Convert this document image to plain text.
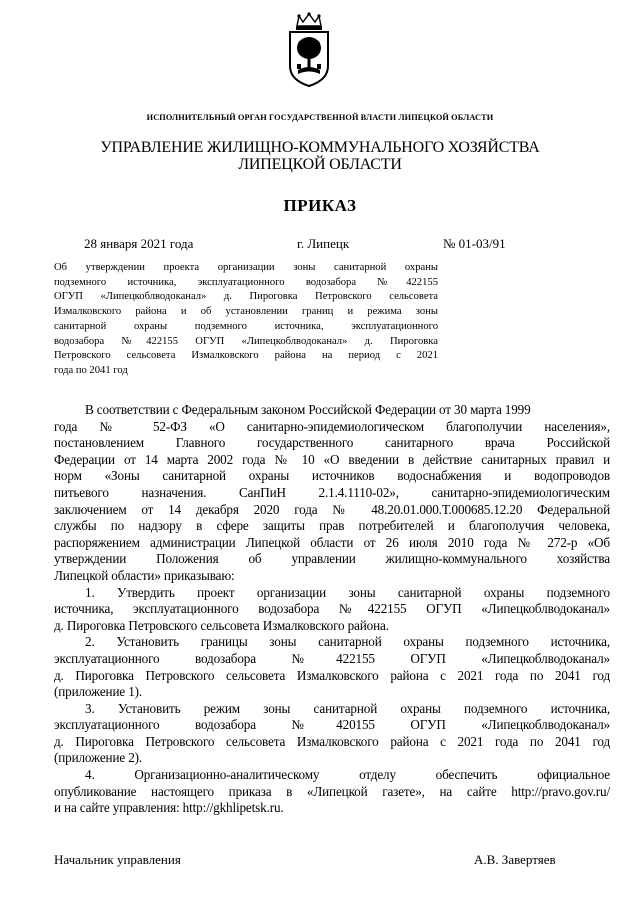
ИСПОЛНИТЕЛЬНЫЙ ОРГАН ГОСУДАРСТВЕННОЙ ВЛАСТИ ЛИПЕЦКОЙ ОБЛАСТИ
УПРАВЛЕНИЕ ЖИЛИЩНО-КОММУНАЛЬНОГО ХОЗЯЙСТВА
ЛИПЕЦКОЙ ОБЛАСТИ
ПРИКАЗ
28 января 2021 года	г. Липецк	№ 01-03/91
Об утверждении проекта организации зоны санитарной охраны
подземного источника, эксплуатационного водозабора №422155
ОГУП «Липецкоблводоканал» д. Пироговка Петровского сельсовета
Измалковского района и об установлении границ и режима зоны
санитарной охраны подземного источника, эксплуатационного
водозабора №422155 ОГУП «Липецкоблводоканал» д. Пироговка
Петровского сельсовета Измалковского района на период с 2021
года по 2041 год
В соответствии с Федеральным законом Российской Федерации от 30 марта 1999
года № 52-ФЗ «О санитарно-эпидемиологическом благополучии населения»,
постановлением Главного государственного санитарного врача Российской
Федерации от 14 марта 2002 года № 10 «О введении в действие санитарных правил и
норм «Зоны санитарной охраны источников водоснабжения и водопроводов
питьевого назначения. СанПиН 2.1.4.1110-02», санитарно-эпидемиологическим
заключением от 14 декабря 2020 года № 48.20.01.000.Т.000685.12.20 Федеральной
службы по надзору в сфере защиты прав потребителей и благополучия человека,
распоряжением администрации Липецкой области от 26 июля 2010 года № 272-р «Об
утверждении Положения об управлении жилищно-коммунального хозяйства
Липецкой области» приказываю:
1. Утвердить проект организации зоны санитарной охраны подземного
источника, эксплуатационного водозабора №422155 ОГУП «Липецкоблводоканал»
д. Пироговка Петровского сельсовета Измалковского района.
2. Установить границы зоны санитарной охраны подземного источника,
эксплуатационного водозабора №422155 ОГУП «Липецкоблводоканал»
д. Пироговка Петровского сельсовета Измалковского района с 2021 года по 2041 год
(приложение 1).
3. Установить режим зоны санитарной охраны подземного источника,
эксплуатационного водозабора №420155 ОГУП «Липецкоблводоканал»
д. Пироговка Петровского сельсовета Измалковского района с 2021 года по 2041 год
(приложение 2).
4. Организационно-аналитическому отделу обеспечить официальное
опубликование настоящего приказа в «Липецкой газете», на сайте http://pravo.gov.ru/
и на сайте управления: http://gkhlipetsk.ru.
Начальник управления	А.В. Завертяев
